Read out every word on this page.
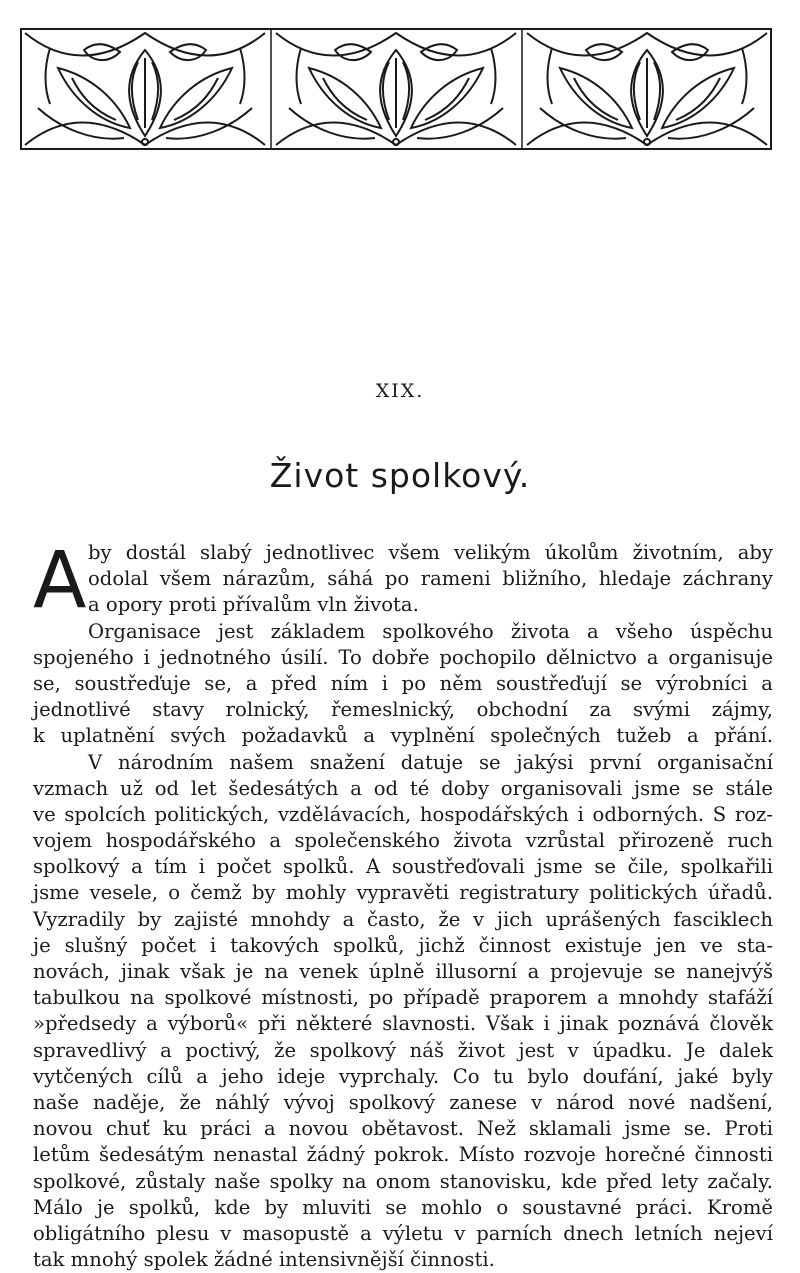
XIX.
Život spolkový.
A by dostál slabý jednotlivec všem velikým úkolům životním, aby
odolal všem nárazům, sáhá po rameni bližního, hledaje záchrany
a opory proti přívalům vln života.
Organisace jest základem spolkového života a všeho úspěchu
spojeného i jednotného úsilí. To dobře pochopilo dělnictvo a organisuje
se, soustřeďuje se, a před ním i po něm soustřeďují se výrobníci a
jednotlivé stavy rolnický, řemeslnický, obchodní za svými zájmy,
k uplatnění svých požadavků a vyplnění společných tužeb a přání.
V národním našem snažení datuje se jakýsi první organisační
vzmach už od let šedesátých a od té doby organisovali jsme se stále
ve spolcích politických, vzdělávacích, hospodářských i odborných. S roz-
vojem hospodářského a společenského života vzrůstal přirozeně ruch
spolkový a tím i počet spolků. A soustřeďovali jsme se čile, spolkařili
jsme vesele, o čemž by mohly vypravěti registratury politických úřadů.
Vyzradily by zajisté mnohdy a často, že v jich uprášených fasciklech
je slušný počet i takových spolků, jichž činnost existuje jen ve sta-
novách, jinak však je na venek úplně illusorní a projevuje se nanejvýš
tabulkou na spolkové místnosti, po případě praporem a mnohdy stafáží
»předsedy a výborů« při některé slavnosti. Však i jinak poznává člověk
spravedlivý a poctivý, že spolkový náš život jest v úpadku. Je dalek
vytčených cílů a jeho ideje vyprchaly. Co tu bylo doufání, jaké byly
naše naděje, že náhlý vývoj spolkový zanese v národ nové nadšení,
novou chuť ku práci a novou obětavost. Než sklamali jsme se. Proti
letům šedesátým nenastal žádný pokrok. Místo rozvoje horečné činnosti
spolkové, zůstaly naše spolky na onom stanovisku, kde před lety začaly.
Málo je spolků, kde by mluviti se mohlo o soustavné práci. Kromě
obligátního plesu v masopustě a výletu v parních dnech letních nejeví
tak mnohý spolek žádné intensivnější činnosti.
